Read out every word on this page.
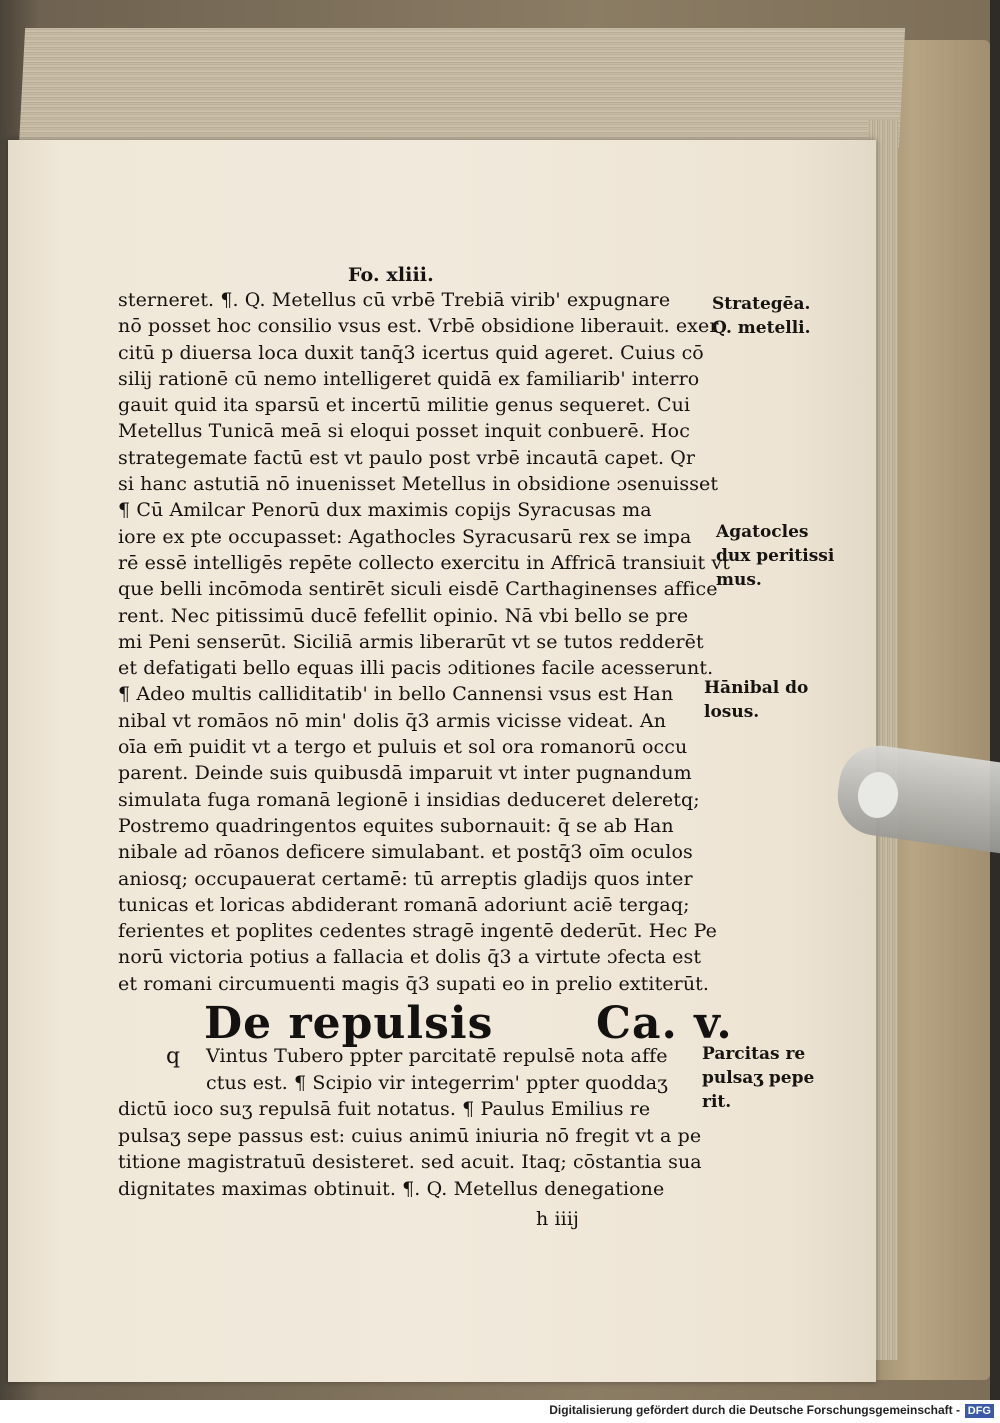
Fo. xliii.
sterneret. ¶. Q. Metellus cū vrbē Trebiā virib' expugnare
nō posset hoc consilio vsus est. Vrbē obsidione liberauit. exer
citū p diuersa loca duxit tanq̄3 icertus quid ageret. Cuius cō
silij rationē cū nemo intelligeret quidā ex familiarib' interro
gauit quid ita sparsū et incertū militie genus sequeret. Cui
Metellus Tunicā meā si eloqui posset inquit conbuerē. Hoc
strategemate factū est vt paulo post vrbē incautā capet. Qr
si hanc astutiā nō inuenisset Metellus in obsidione ɔsenuisset
¶ Cū Amilcar Penorū dux maximis copijs Syracusas ma
iore ex pte occupasset: Agathocles Syracusarū rex se impa
rē essē intelligēs repēte collecto exercitu in Affricā transiuit vt
que belli incōmoda sentirēt siculi eisdē Carthaginenses affice
rent. Nec pitissimū ducē fefellit opinio. Nā vbi bello se pre
mi Peni senserūt. Siciliā armis liberarūt vt se tutos redderēt
et defatigati bello equas illi pacis ɔditiones facile acesserunt.
¶ Adeo multis calliditatib' in bello Cannensi vsus est Han
nibal vt romāos nō min' dolis q̄3 armis vicisse videat. An
oīa em̄ puidit vt a tergo et puluis et sol ora romanorū occu
parent. Deinde suis quibusdā imparuit vt inter pugnandum
simulata fuga romanā legionē i insidias deduceret deleretq;
Postremo quadringentos equites subornauit: q̄ se ab Han
nibale ad rōanos deficere simulabant. et postq̄3 oīm oculos
aniosq; occupauerat certamē: tū arreptis gladijs quos inter
tunicas et loricas abdiderant romanā adoriunt aciē tergaq;
ferientes et poplites cedentes stragē ingentē dederūt. Hec Pe
norū victoria potius a fallacia et dolis q̄3 a virtute ɔfecta est
et romani circumuenti magis q̄3 supati eo in prelio extiterūt.
Strategēa.
Q. metelli.
Agatocles
dux peritissi
mus.
Hānibal do
losus.
Parcitas re
pulsaʒ pepe
rit.
De repulsis Ca. v.
q	Vintus Tubero ppter parcitatē repulsē nota affe
ctus est. ¶ Scipio vir integerrim' ppter quoddaʒ
dictū ioco suʒ repulsā fuit notatus. ¶ Paulus Emilius re
pulsaʒ sepe passus est: cuius animū iniuria nō fregit vt a pe
titione magistratuū desisteret. sed acuit. Itaq; cōstantia sua
dignitates maximas obtinuit. ¶. Q. Metellus denegatione
h iiij
Digitalisierung gefördert durch die Deutsche Forschungsgemeinschaft - DFG
